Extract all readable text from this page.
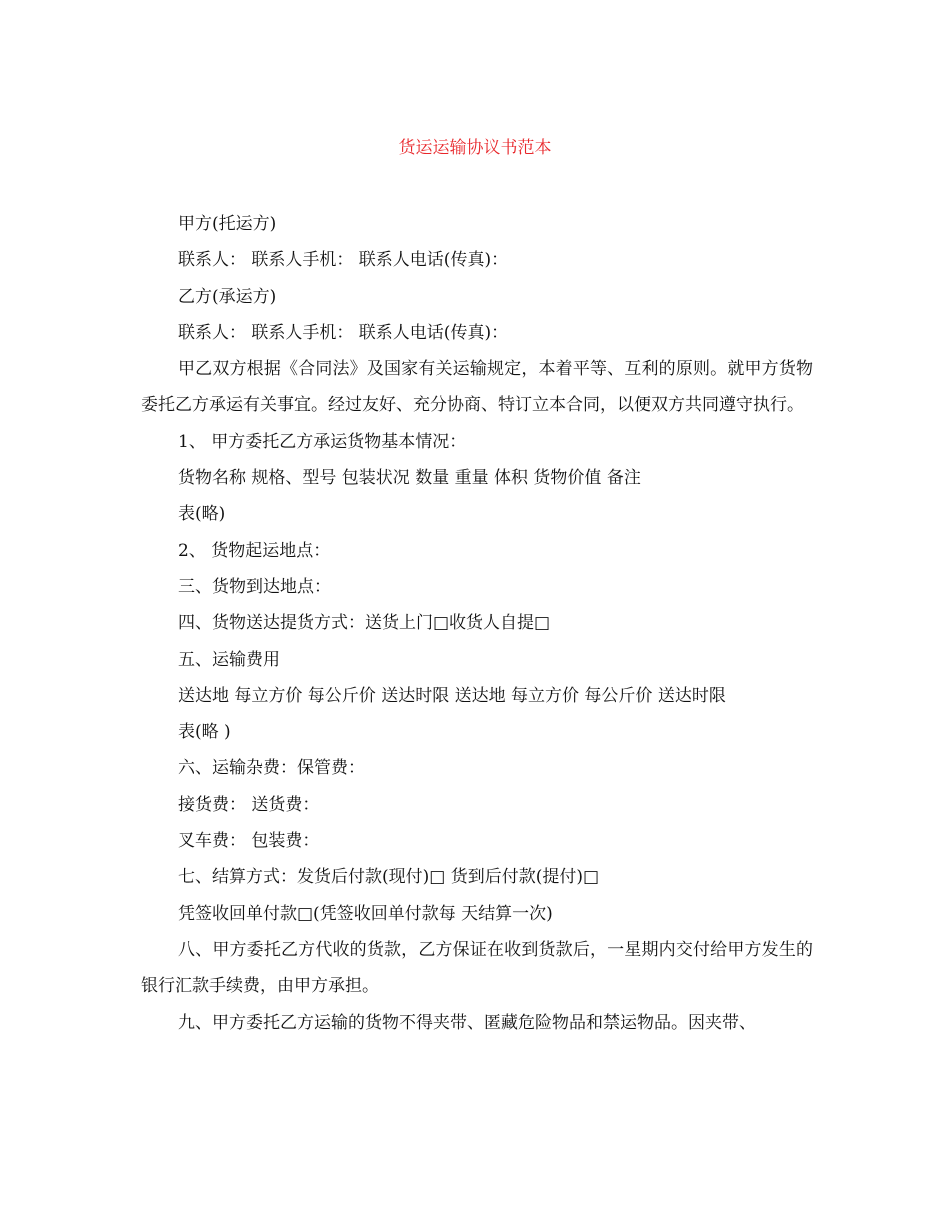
货运运输协议书范本

甲方(托运方)

联系人： 联系人手机： 联系人电话(传真)：

乙方(承运方)

联系人： 联系人手机： 联系人电话(传真)：

甲乙双方根据《合同法》及国家有关运输规定，本着平等、互利的原则。就甲方货物委托乙方承运有关事宜。经过友好、充分协商、特订立本合同，以便双方共同遵守执行。

1、 甲方委托乙方承运货物基本情况：

货物名称 规格、型号 包装状况 数量 重量 体积 货物价值 备注

表(略)

2、 货物起运地点：

三、货物到达地点：

四、货物送达提货方式：送货上门□收货人自提□

五、运输费用

送达地 每立方价 每公斤价 送达时限 送达地 每立方价 每公斤价 送达时限

表(略 )

六、运输杂费：保管费：

接货费： 送货费：

叉车费： 包装费：

七、结算方式：发货后付款(现付)□ 货到后付款(提付)□

凭签收回单付款□(凭签收回单付款每 天结算一次)

八、甲方委托乙方代收的货款，乙方保证在收到货款后，一星期内交付给甲方发生的银行汇款手续费，由甲方承担。

九、甲方委托乙方运输的货物不得夹带、匿藏危险物品和禁运物品。因夹带、
